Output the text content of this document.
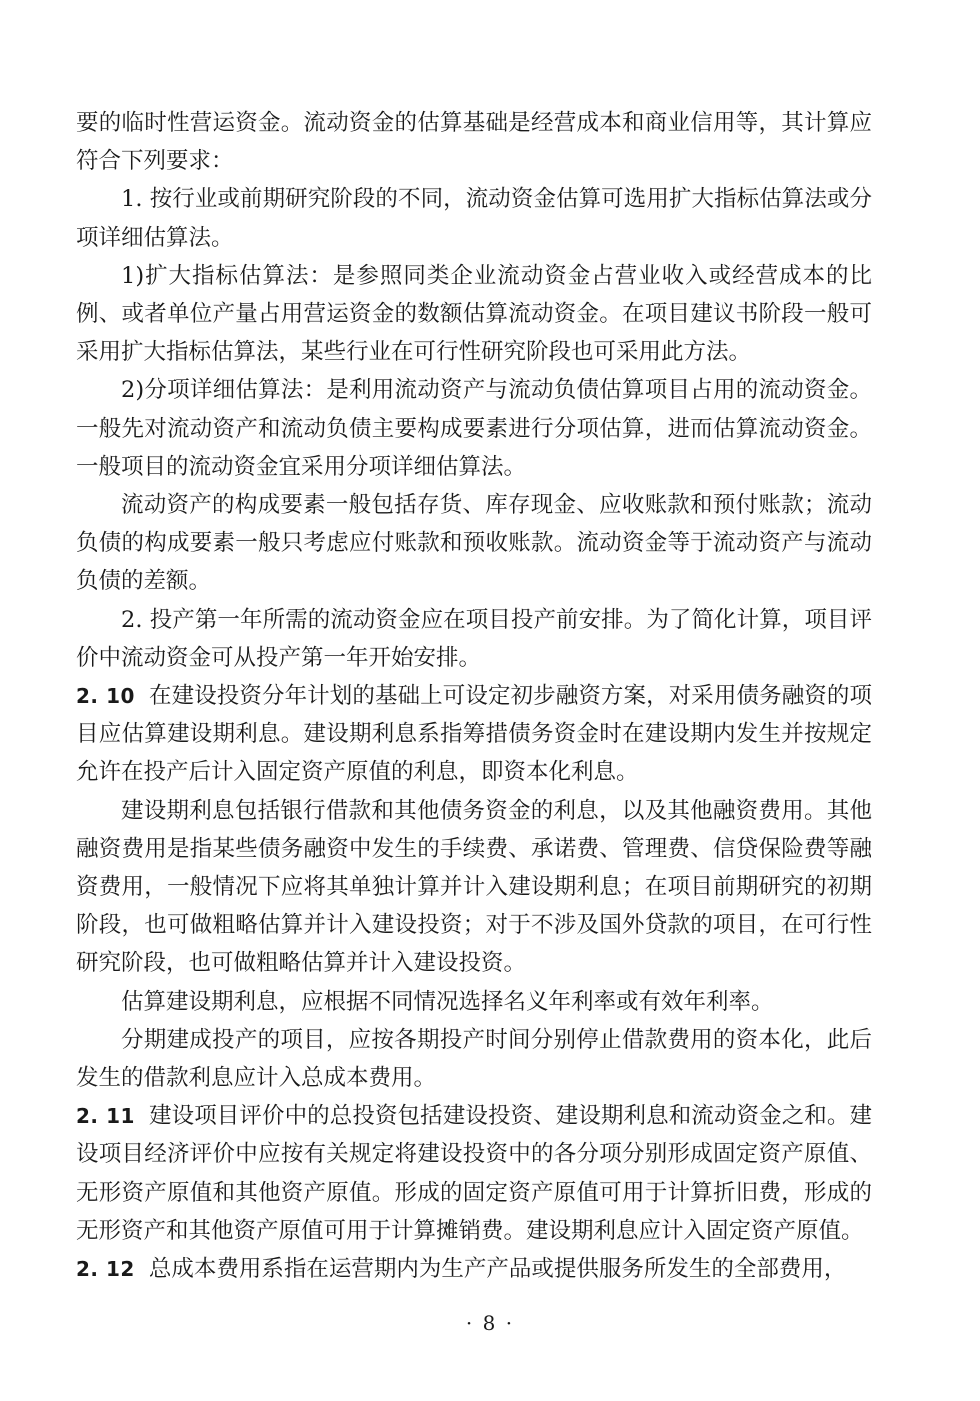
要的临时性营运资金。流动资金的估算基础是经营成本和商业信用等，其计算应符合下列要求：

1. 按行业或前期研究阶段的不同，流动资金估算可选用扩大指标估算法或分项详细估算法。

1)扩大指标估算法：是参照同类企业流动资金占营业收入或经营成本的比例、或者单位产量占用营运资金的数额估算流动资金。在项目建议书阶段一般可采用扩大指标估算法，某些行业在可行性研究阶段也可采用此方法。

2)分项详细估算法：是利用流动资产与流动负债估算项目占用的流动资金。一般先对流动资产和流动负债主要构成要素进行分项估算，进而估算流动资金。一般项目的流动资金宜采用分项详细估算法。

流动资产的构成要素一般包括存货、库存现金、应收账款和预付账款；流动负债的构成要素一般只考虑应付账款和预收账款。流动资金等于流动资产与流动负债的差额。

2. 投产第一年所需的流动资金应在项目投产前安排。为了简化计算，项目评价中流动资金可从投产第一年开始安排。

2. 10 在建设投资分年计划的基础上可设定初步融资方案，对采用债务融资的项目应估算建设期利息。建设期利息系指筹措债务资金时在建设期内发生并按规定允许在投产后计入固定资产原值的利息，即资本化利息。

建设期利息包括银行借款和其他债务资金的利息，以及其他融资费用。其他融资费用是指某些债务融资中发生的手续费、承诺费、管理费、信贷保险费等融资费用，一般情况下应将其单独计算并计入建设期利息；在项目前期研究的初期阶段，也可做粗略估算并计入建设投资；对于不涉及国外贷款的项目，在可行性研究阶段，也可做粗略估算并计入建设投资。

估算建设期利息，应根据不同情况选择名义年利率或有效年利率。

分期建成投产的项目，应按各期投产时间分别停止借款费用的资本化，此后发生的借款利息应计入总成本费用。

2. 11 建设项目评价中的总投资包括建设投资、建设期利息和流动资金之和。建设项目经济评价中应按有关规定将建设投资中的各分项分别形成固定资产原值、无形资产原值和其他资产原值。形成的固定资产原值可用于计算折旧费，形成的无形资产和其他资产原值可用于计算摊销费。建设期利息应计入固定资产原值。

2. 12 总成本费用系指在运营期内为生产产品或提供服务所发生的全部费用，

· 8 ·
